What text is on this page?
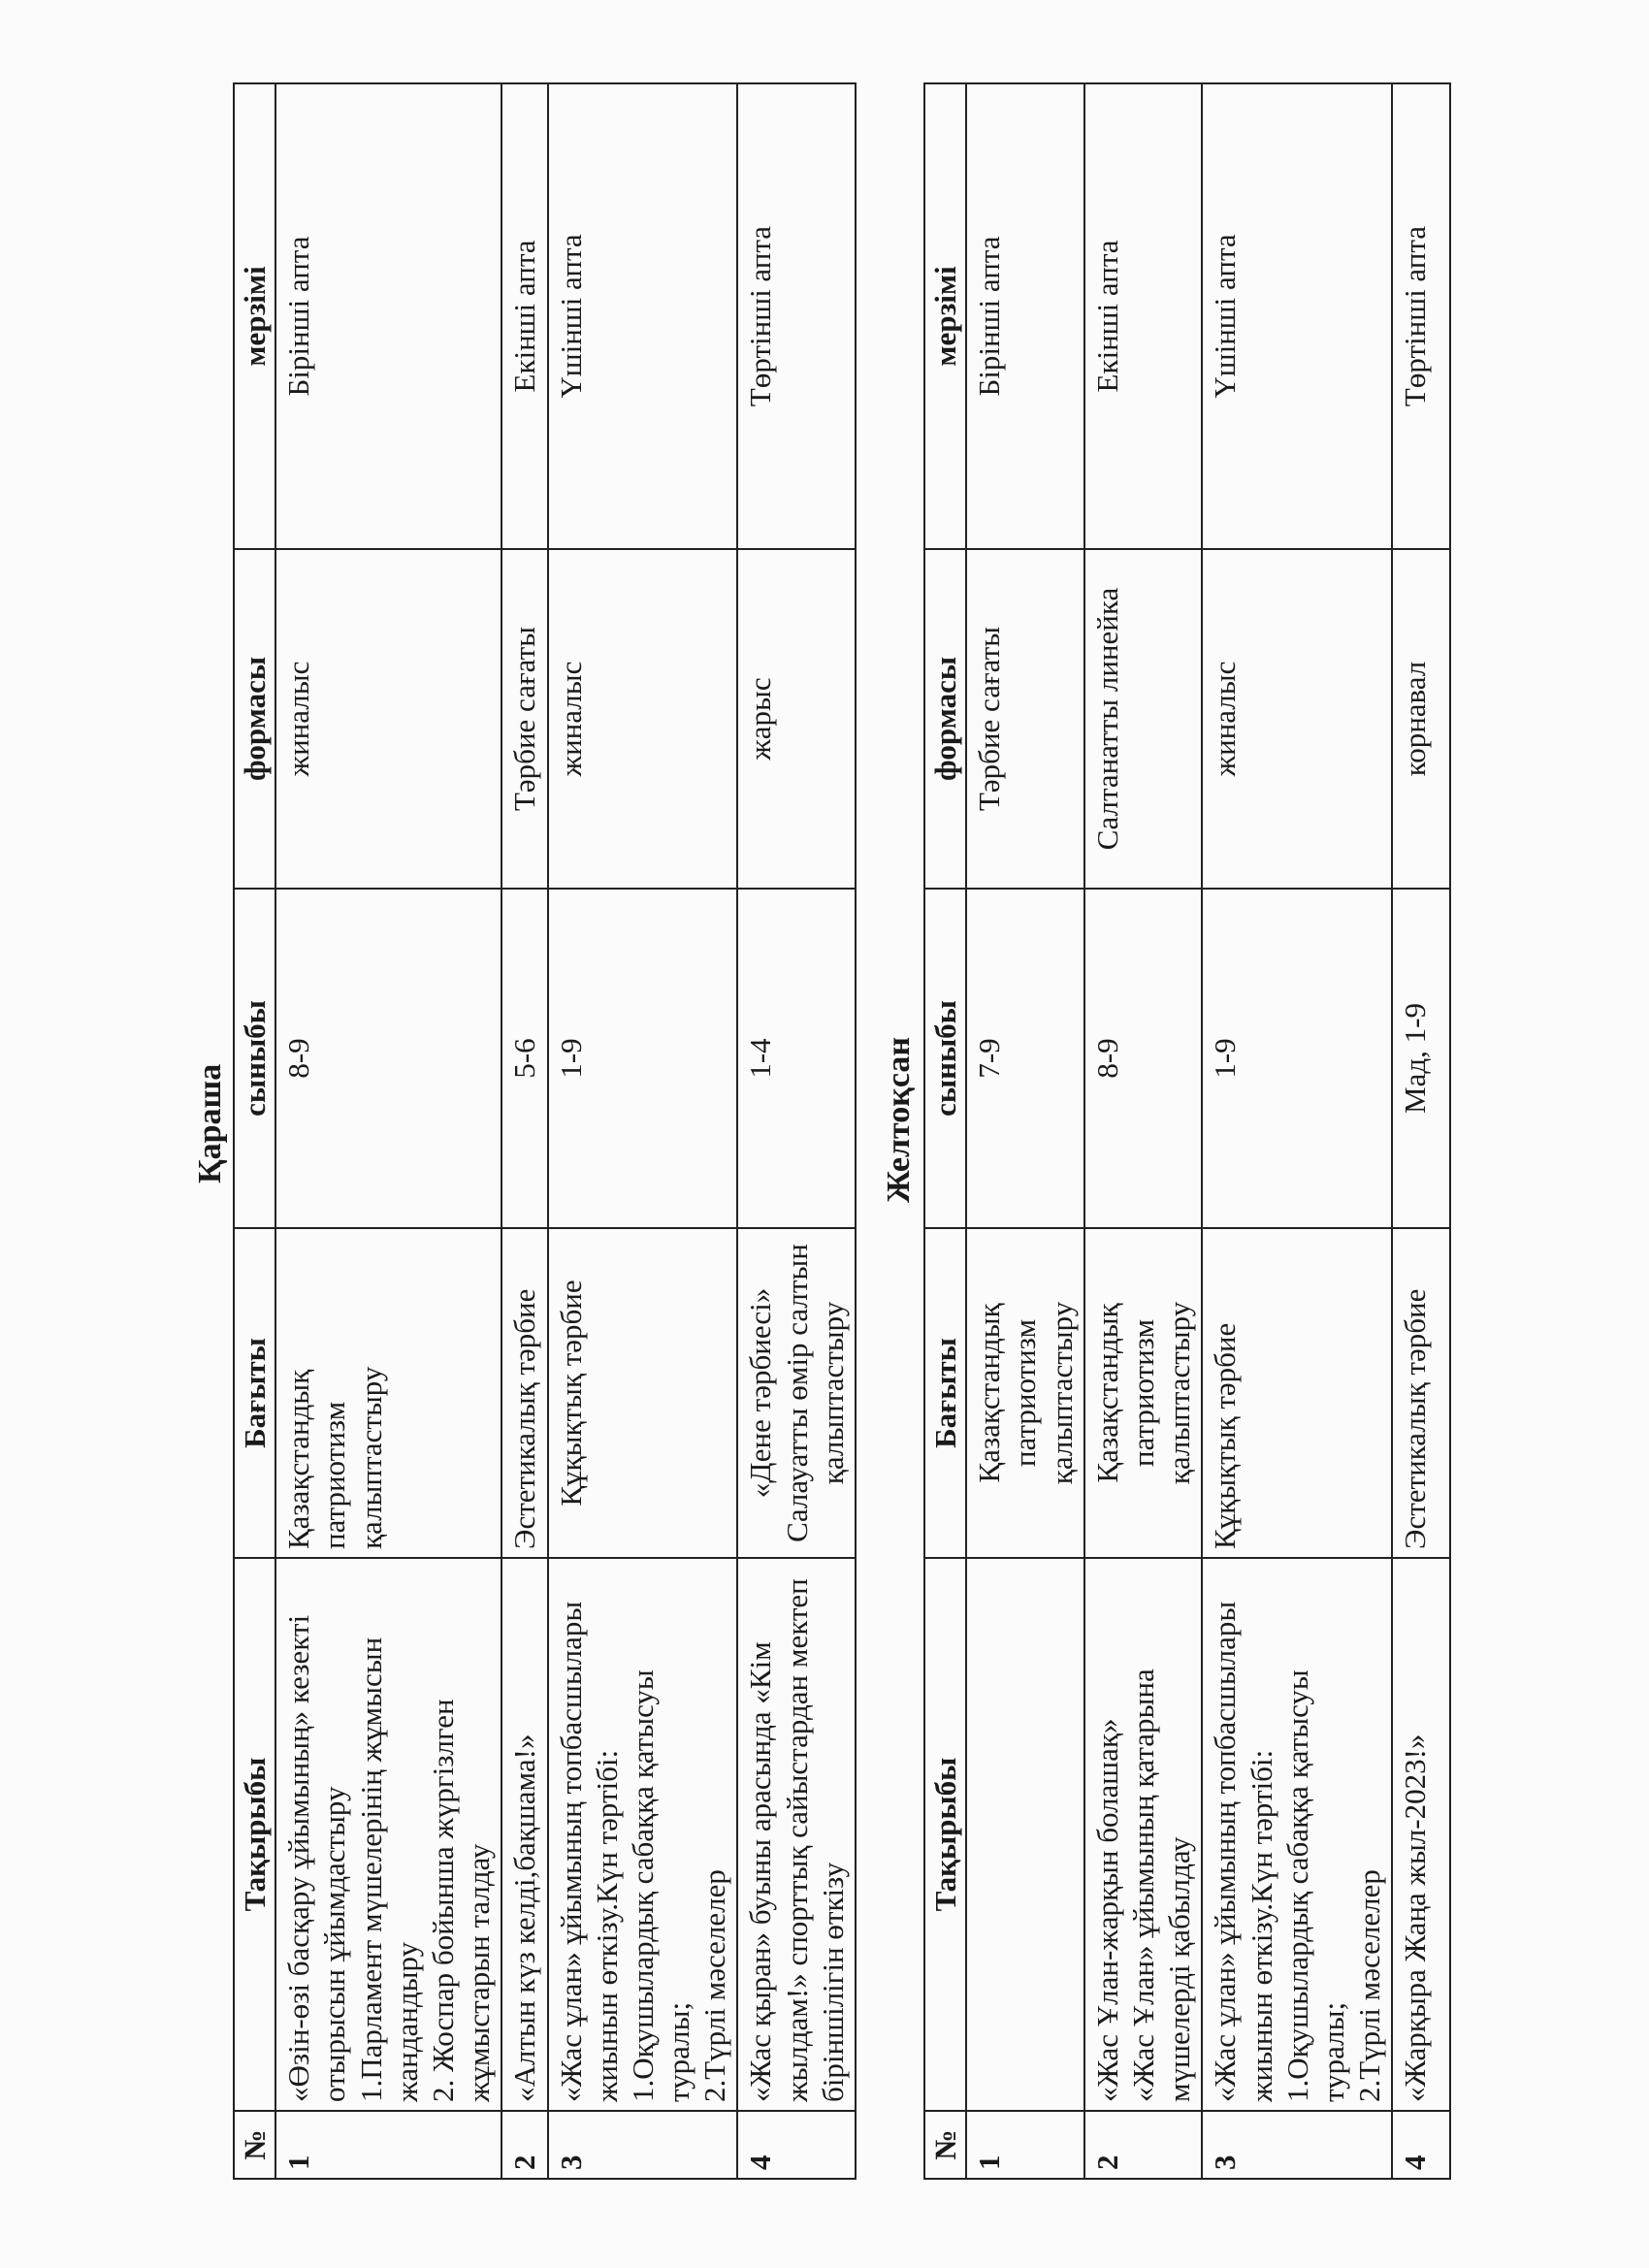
Қараша
№	Тақырыбы	Бағыты	сыныбы	формасы	мерзімі
1	«Өзін-өзі басқару ұйымының» кезекті отырысын ұйымдастыру 1.Парламент мүшелерінің жұмысын жандандыру 2. Жоспар бойынша жүргізлген жұмыстарын талдау	Қазақстандық патриотизм қалыптастыру	8-9	жиналыс	Бірінші апта
2	«Алтын күз келді,бақшама!»	Эстетикалық тәрбие	5-6	Тәрбие сағаты	Екінші апта
3	«Жас ұлан» ұйымының топбасшылары жиынын өткізу.Күн тәртібі: 1.Оқушылардық сабаққа қатысуы туралы; 2.Түрлі мәселелер	Құқықтық тәрбие	1-9	жиналыс	Үшінші апта
4	«Жас қыран» буыны арасында «Кім жылдам!» спорттық сайыстардан мектеп біріншілігін өткізу	«Дене тәрбиесі» Салауатты өмір салтын қалыптастыру	1-4	жарыс	Төртінші апта
Желтоқсан
№	Тақырыбы	Бағыты	сыныбы	формасы	мерзімі
1		Қазақстандық патриотизм қалыптастыру	7-9	Тәрбие сағаты	Бірінші апта
2	«Жас Ұлан-жарқын болашақ» «Жас Ұлан» ұйымының қатарына мүшелерді қабылдау	Қазақстандық патриотизм қалыптастыру	8-9	Салтанатты линейка	Екінші апта
3	«Жас ұлан» ұйымының топбасшылары жиынын өткізу.Күн тәртібі: 1.Оқушылардық сабаққа қатысуы туралы; 2.Түрлі мәселелер	Құқықтық тәрбие	1-9	жиналыс	Үшінші апта
4	«Жарқыра Жаңа жыл-2023!»	Эстетикалық тәрбие	Мад, 1-9	корнавал	Төртінші апта
